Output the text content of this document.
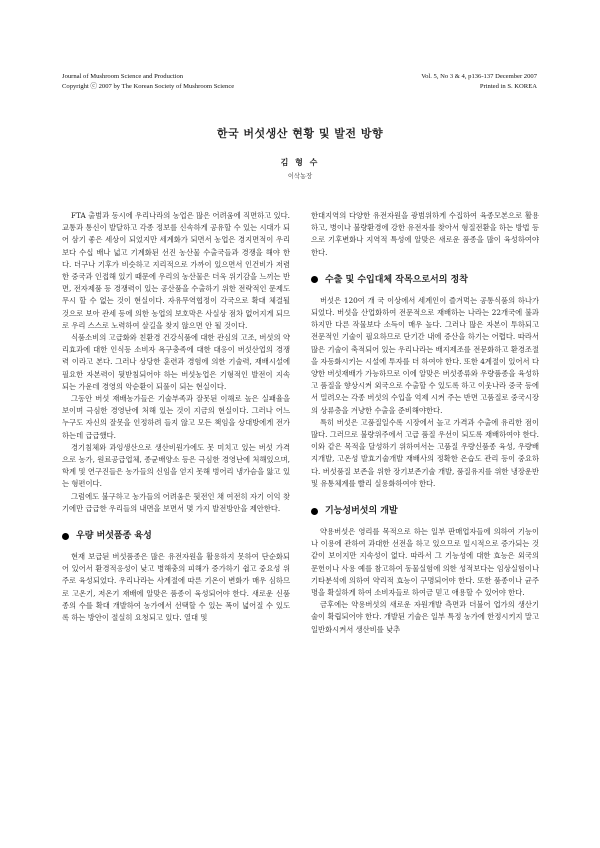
Journal of Mushroom Science and Production
Copyright ⓒ 2007 by The Korean Society of Mushroom Science
Vol. 5, No 3 & 4, p136-137 December 2007
Printed in S. KOREA
한국 버섯생산 현황 및 발전 방향
김 형 수
이삭농장

FTA 출범과 동시에 우리나라의 농업은 많은 어려움에 직면하고 있다. 교통과 통신이 발달하고 각종 정보를 신속하게 공유할 수 있는 시대가 되어 삼기 좋은 세상이 되었지만 세계화가 되면서 농업은 경지면적이 우리보다 수십 배나 넓고 기계화된 선진 농산물 수출국들과 경쟁을 해야 한다. 더구나 기후가 비슷하고 지리적으로 가까이 있으면서 인건비가 저렴한 중국과 인접해 있기 때문에 우리의 농산물은 더욱 위기감을 느끼는 반면, 전자제품 등 경쟁력이 있는 공산품을 수출하기 위한 전략적인 문제도 무시 할 수 없는 것이 현실이다. 자유무역협정이 각국으로 확대 체결될 것으로 보아 관세 등에 의한 농업의 보호막은 사실상 점차 없어지게 되므로 우리 스스로 노력하여 살길을 찾지 않으면 안 될 것이다.

식품소비의 고급화와 친환경 건강식품에 대한 관심의 고조, 버섯의 약리효과에 대한 인식등 소비자 욕구충족에 대한 대응이 버섯산업의 경쟁력 이라고 본다. 그러나 상당한 훈련과 경험에 의한 기술력, 재배시설에 필요한 자본력이 뒷받침되어야 하는 버섯농업은 기형적인 발전이 지속 되는 가운데 경영의 악순환이 되풀이 되는 현실이다.

그동안 버섯 재배농가들은 기술부족과 잘못된 이해로 높은 실패율을 보이며 극심한 경영난에 처해 있는 것이 지금의 현실이다. 그러나 어느 누구도 자신의 잘못을 인정하려 들지 않고 모든 책임을 상대방에게 전가하는데 급급했다.

경기침체와 과잉생산으로 생산비원가에도 못 미치고 있는 버섯 가격으로 농가, 원료공급업체, 종균배양소 등은 극심한 경영난에 처해있으며, 학계 및 연구진들은 농가들의 신임을 얻지 못해 벙어리 냉가슴을 앓고 있는 형편이다.

그럼에도 불구하고 농가들의 어려움은 뒷전인 채 여전히 자기 이익 찾기에만 급급한 우리들의 내면을 보면서 몇 가지 발전방안을 제안한다.

우량 버섯품종 육성

현재 보급된 버섯품종은 많은 유전자원을 활용하지 못하여 단순화되어 있어서 환경적응성이 낮고 병해충의 피해가 증가하기 쉽고 중요성 위주로 육성되었다. 우리나라는 사계절에 따른 기온이 변화가 매우 심하므로 고온기, 저온기 재배에 알맞은 품종이 육성되어야 한다. 새로운 신품종의 수를 확대 개발하여 농가에서 선택할 수 있는 폭이 넓어질 수 있도록 하는 방안이 절실히 요청되고 있다. 열대 및

한대지역의 다양한 유전자원을 광범위하게 수집하여 육종모본으로 활용하고, 병이나 불량환경에 강한 유전자를 찾아서 형질전환을 하는 방법 등으로 기후변화나 지역적 특성에 알맞은 새로운 품종을 많이 육성하여야 한다.

수출 및 수입대체 작목으로서의 정착

버섯은 120여 개 국 이상에서 세계인이 즐겨먹는 공통식품의 하나가 되었다. 버섯을 산업화하여 전문적으로 재배하는 나라는 22개국에 불과하지만 다른 작물보다 소득이 매우 높다. 그러나 많은 자본이 투하되고 전문적인 기술이 필요하므로 단기간 내에 증산을 하기는 어렵다. 따라서 많은 기술이 축적되어 있는 우리나라는 배지제조를 전문화하고 환경조절을 자동화시키는 시설에 투자를 더 하여야 한다. 또한 4계절이 있어서 다양한 버섯재배가 가능하므로 이에 알맞은 버섯종류와 우량품종을 육성하고 품질을 향상시켜 외국으로 수출할 수 있도록 하고 이웃나라 중국 등에서 밀려오는 각종 버섯의 수입을 억제 시켜 주는 반면 고품질로 중국시장의 상류층을 겨냥한 수출을 준비해야한다.

특히 버섯은 고품질일수록 시장에서 높고 가격과 수출에 유리한 점이 많다. 그러므로 불량위주에서 고급 품질 우선이 되도록 재배하여야 한다. 이와 같은 목적을 달성하기 위하여서는 고품질 우량신품종 육성, 우량배지개발, 고온성 발효기술개발 재배사의 정확한 온습도 관리 등이 중요하다. 버섯품질 보존을 위한 장기보존기술 개발, 품질유지를 위한 냉장운반 및 유통체계를 빨리 실용화하여야 한다.

기능성버섯의 개발

약용버섯은 영리를 목적으로 하는 일부 판매업자들에 의하여 기능이나 이용에 관하여 과대한 선전을 하고 있으므로 일시적으로 증가되는 것 같이 보이지만 지속성이 없다. 따라서 그 기능성에 대한 효능은 외국의 문헌이나 사용 예를 참고하여 동물실험에 의한 성적보다는 임상실험이나 기타분석에 의하여 약리적 효능이 구명되어야 한다. 또한 품종이나 균주명을 확실하게 하여 소비자들로 하여금 믿고 애용할 수 있어야 한다.

금후에는 약용버섯의 새로운 자원개발 측면과 더불어 업가의 생산기술이 확립되어야 한다. 개발된 기술은 일부 특정 농가에 한정시키지 말고 일반화시켜서 생산비를 낮추
